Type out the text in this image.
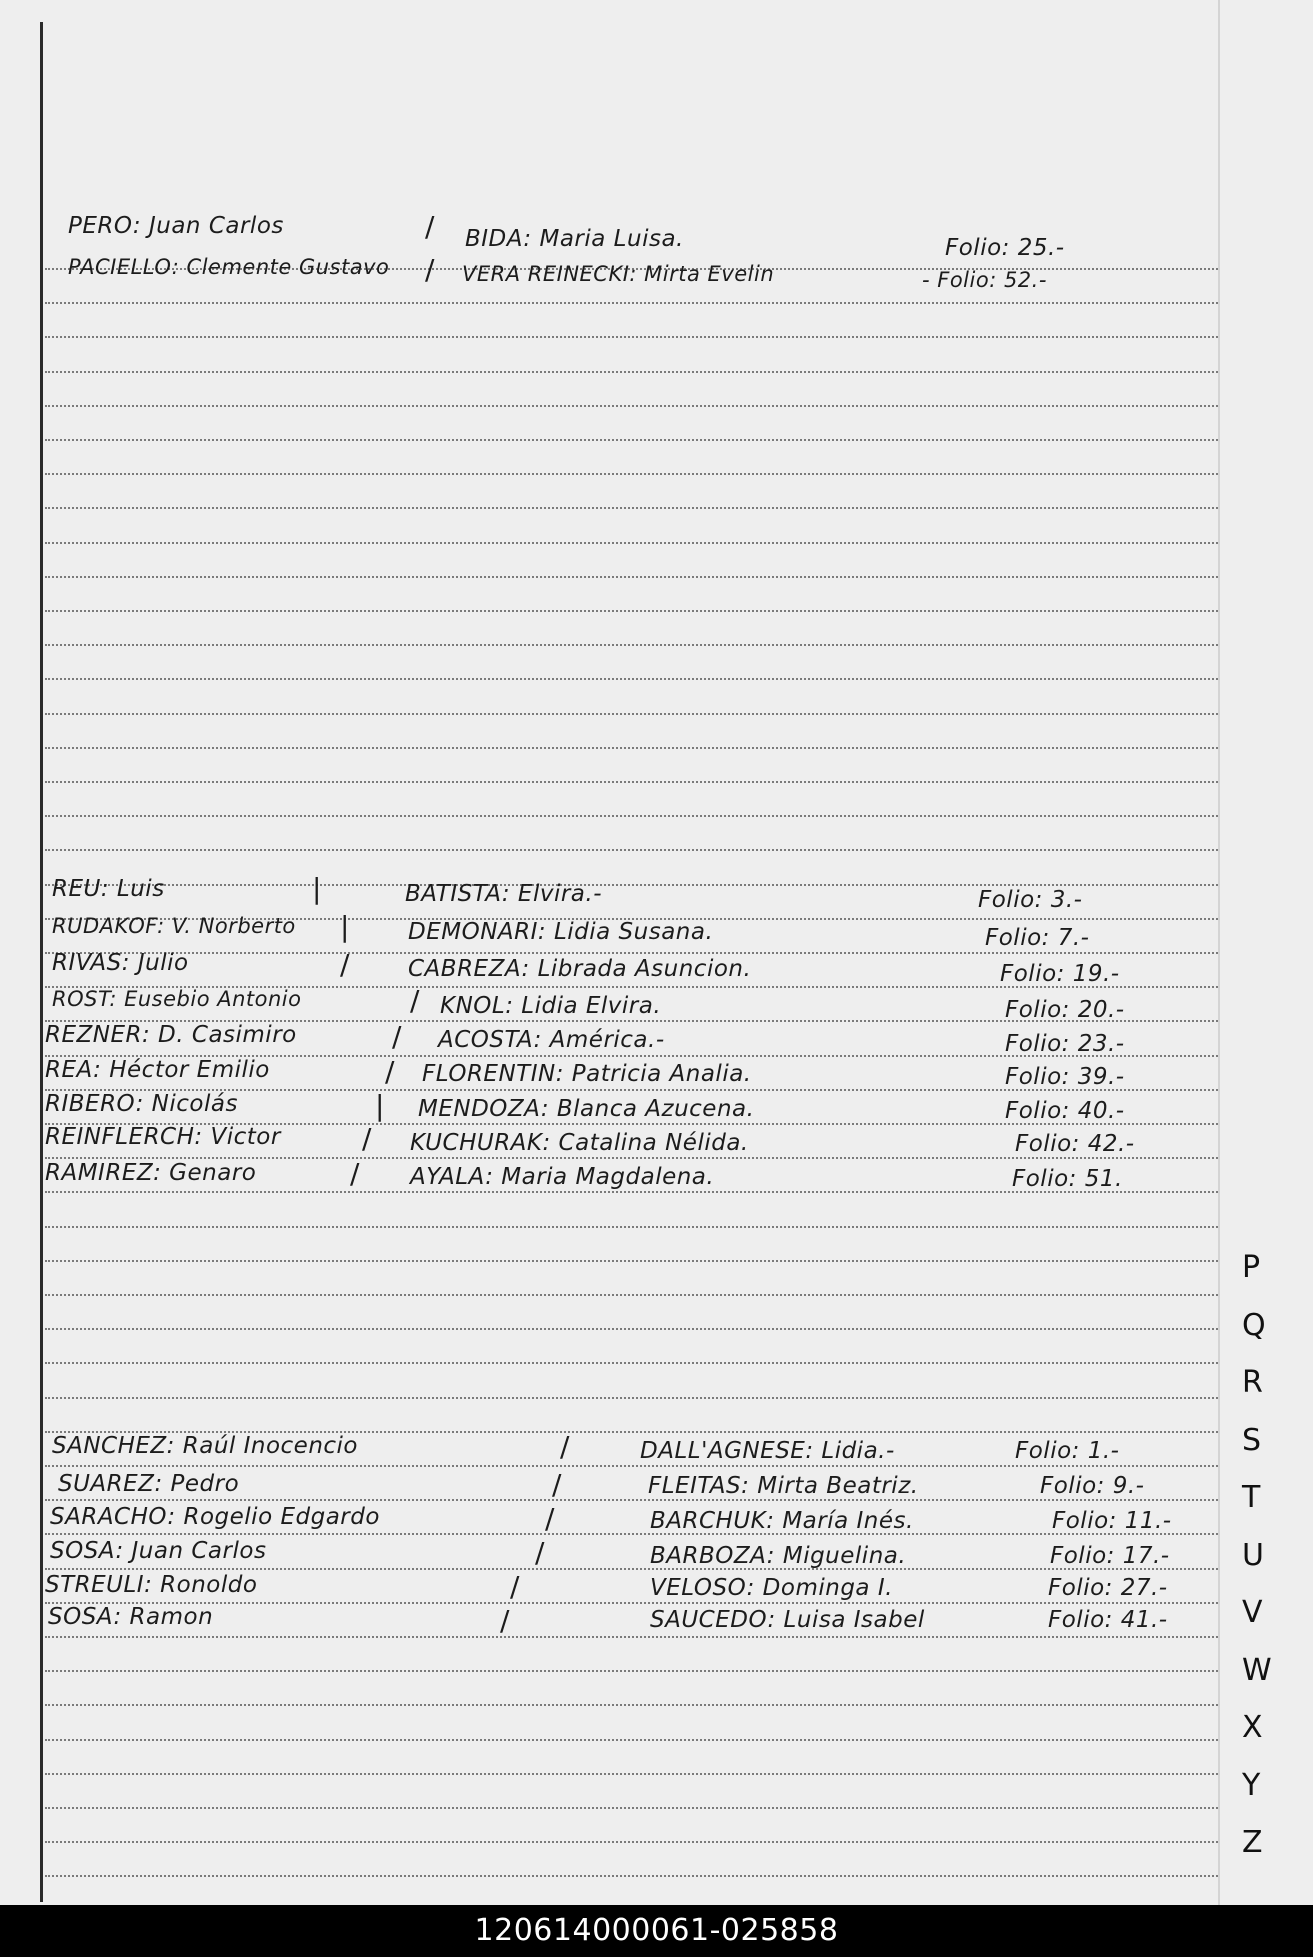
PERO: Juan Carlos	/ BIDA: Maria Luisa.	Folio: 25.-
PACIELLO: Clemente Gustavo / VERA REINECKI: Mirta Evelin	- Folio: 52.-
REU: Luis	|	BATISTA: Elvira.-	Folio: 3.-
RUDAKOF: V. Norberto |	DEMONARI: Lidia Susana.	Folio: 7.-
RIVAS: Julio	/	CABREZA: Librada Asuncion.	Folio: 19.-
ROST: Eusebio Antonio	/ KNOL: Lidia Elvira.	Folio: 20.-
REZNER: D. Casimiro	/ ACOSTA: América.-	Folio: 23.-
REA: Héctor Emilio	/ FLORENTIN: Patricia Analia.	Folio: 39.-
RIBERO: Nicolás	| MENDOZA: Blanca Azucena.	Folio: 40.-
REINFLERCH: Victor	/ KUCHURAK: Catalina Nélida.	Folio: 42.-
RAMIREZ: Genaro	/ AYALA: Maria Magdalena.	Folio: 51.
SANCHEZ: Raúl Inocencio	/	DALL'AGNESE: Lidia.-	Folio: 1.-
SUAREZ: Pedro	/	FLEITAS: Mirta Beatriz.	Folio: 9.-
SARACHO: Rogelio Edgardo	/	BARCHUK: María Inés.	Folio: 11.-
SOSA: Juan Carlos	/	BARBOZA: Miguelina.	Folio: 17.-
STREULI: Ronoldo	/	VELOSO: Dominga I.	Folio: 27.-
SOSA: Ramon	/	SAUCEDO: Luisa Isabel	Folio: 41.-
P
Q
R
S
T
U
V
W
X
Y
Z
120614000061-025858
